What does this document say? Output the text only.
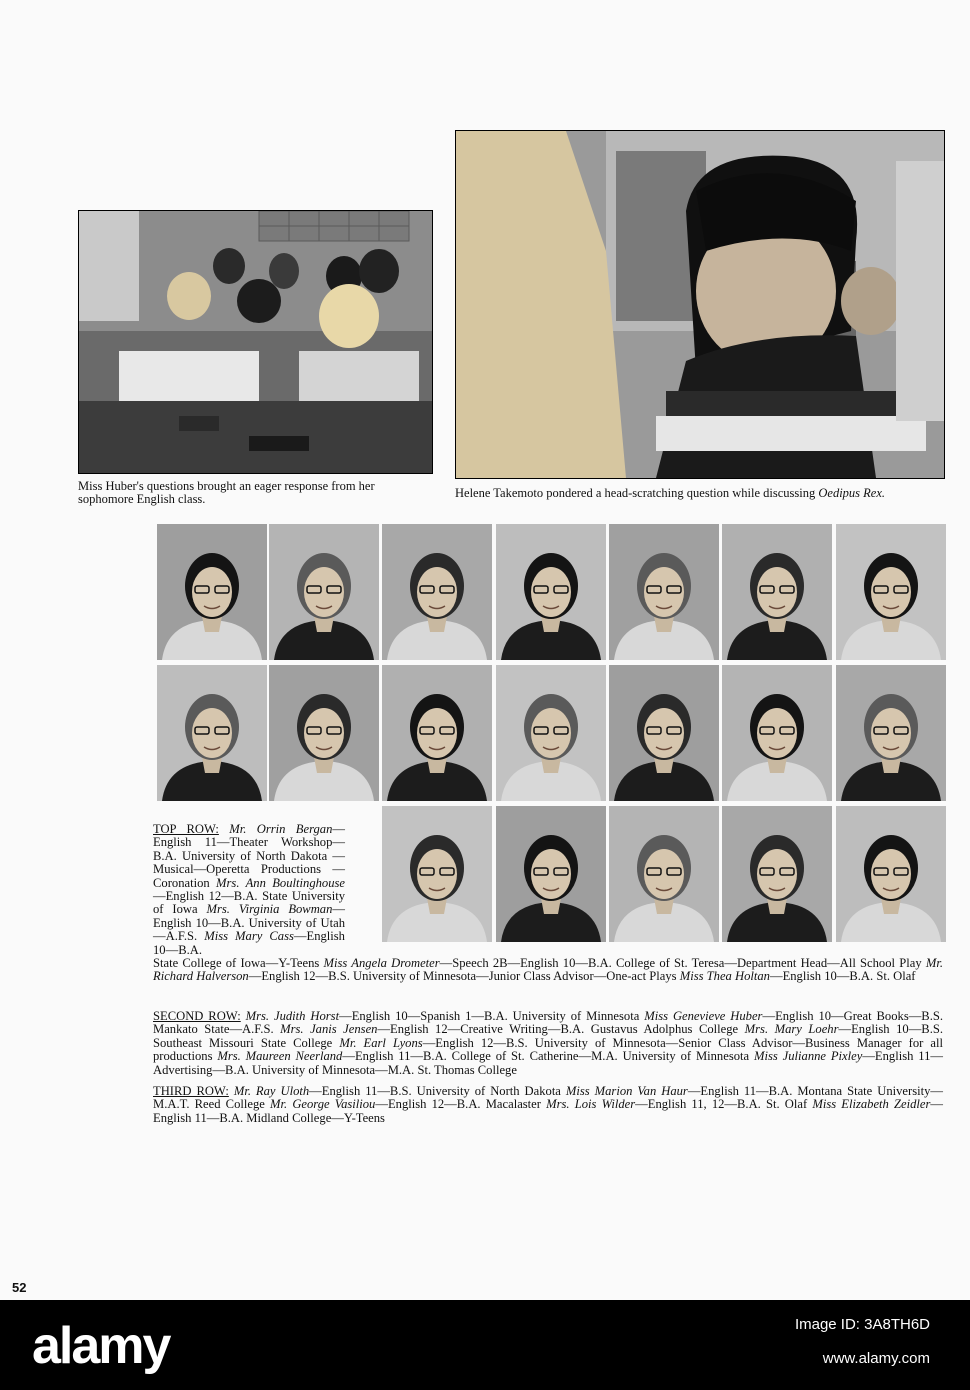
Miss Huber's questions brought an eager response from her sophomore English class.	Helene Takemoto pondered a head-scratching question while discussing Oedipus Rex.
TOP ROW: Mr. Orrin Bergan—English 11—Theater Workshop—B.A. University of North Dakota —Musical—Operetta Productions —Coronation Mrs. Ann Boultinghouse—English 12—B.A. State University of Iowa Mrs. Virginia Bowman—English 10—B.A. University of Utah—A.F.S. Miss Mary Cass—English 10—B.A.
State College of Iowa—Y-Teens Miss Angela Drometer—Speech 2B—English 10—B.A. College of St. Teresa—Department Head—All School Play Mr. Richard Halverson—English 12—B.S. University of Minnesota—Junior Class Advisor—One-act Plays Miss Thea Holtan—English 10—B.A. St. Olaf
SECOND ROW: Mrs. Judith Horst—English 10—Spanish 1—B.A. University of Minnesota Miss Genevieve Huber—English 10—Great Books—B.S. Mankato State—A.F.S. Mrs. Janis Jensen—English 12—Creative Writing—B.A. Gustavus Adolphus College Mrs. Mary Loehr—English 10—B.S. Southeast Missouri State College Mr. Earl Lyons—English 12—B.S. University of Minnesota—Senior Class Advisor—Business Manager for all productions Mrs. Maureen Neerland—English 11—B.A. College of St. Catherine—M.A. University of Minnesota Miss Julianne Pixley—English 11—Advertising—B.A. University of Minnesota—M.A. St. Thomas College
THIRD ROW: Mr. Ray Uloth—English 11—B.S. University of North Dakota Miss Marion Van Haur—English 11—B.A. Montana State University—M.A.T. Reed College Mr. George Vasiliou—English 12—B.A. Macalaster Mrs. Lois Wilder—English 11, 12—B.A. St. Olaf Miss Elizabeth Zeidler—English 11—B.A. Midland College—Y-Teens
52
alamy	Image ID: 3A8TH6D
www.alamy.com
